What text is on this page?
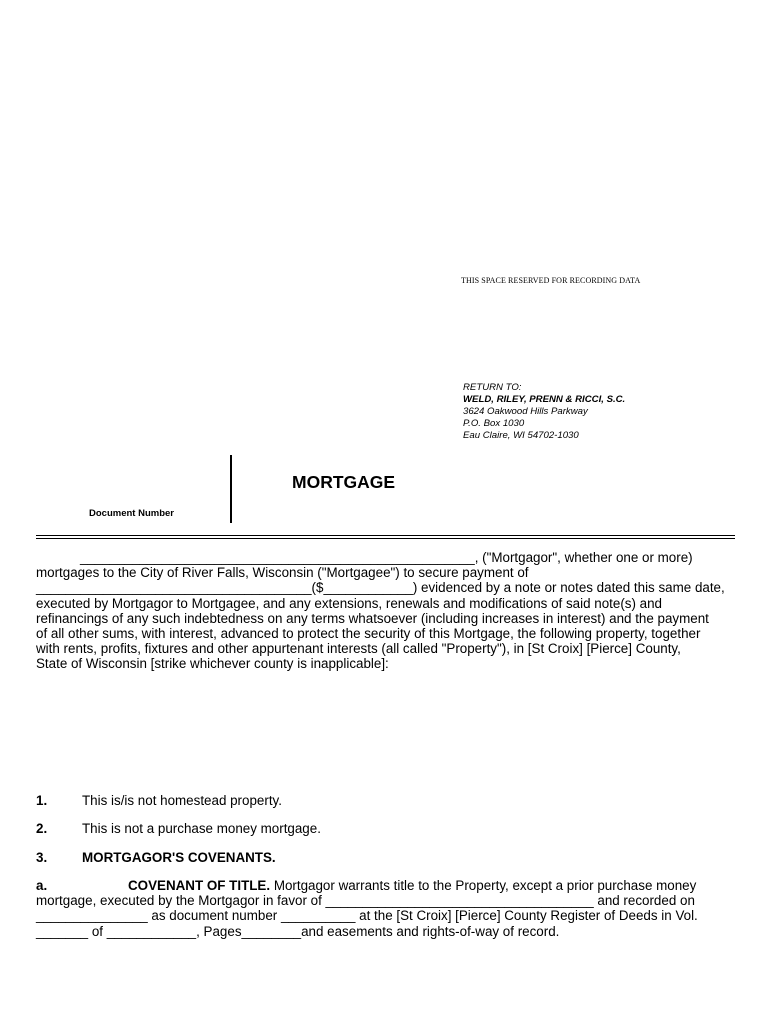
THIS SPACE RESERVED FOR RECORDING DATA
RETURN TO:
WELD, RILEY, PRENN & RICCI, S.C.
3624 Oakwood Hills Parkway
P.O. Box 1030
Eau Claire, WI 54702-1030
MORTGAGE
Document Number
_____________________________________________________, ("Mortgagor", whether one or more)
mortgages to the City of River Falls, Wisconsin ("Mortgagee") to secure payment of
_____________________________________($____________) evidenced by a note or notes dated this same date,
executed by Mortgagor to Mortgagee, and any extensions, renewals and modifications of said note(s) and
refinancings of any such indebtedness on any terms whatsoever (including increases in interest) and the payment
of all other sums, with interest, advanced to protect the security of this Mortgage, the following property, together
with rents, profits, fixtures and other appurtenant interests (all called "Property"), in [St Croix] [Pierce] County,
State of Wisconsin [strike whichever county is inapplicable]:
1.	This is/is not homestead property.
2.	This is not a purchase money mortgage.
3.	MORTGAGOR'S COVENANTS.
a.	COVENANT OF TITLE. Mortgagor warrants title to the Property, except a prior purchase money
mortgage, executed by the Mortgagor in favor of ____________________________________ and recorded on
_______________ as document number __________ at the [St Croix] [Pierce] County Register of Deeds in Vol.
_______ of ____________, Pages________and easements and rights-of-way of record.
